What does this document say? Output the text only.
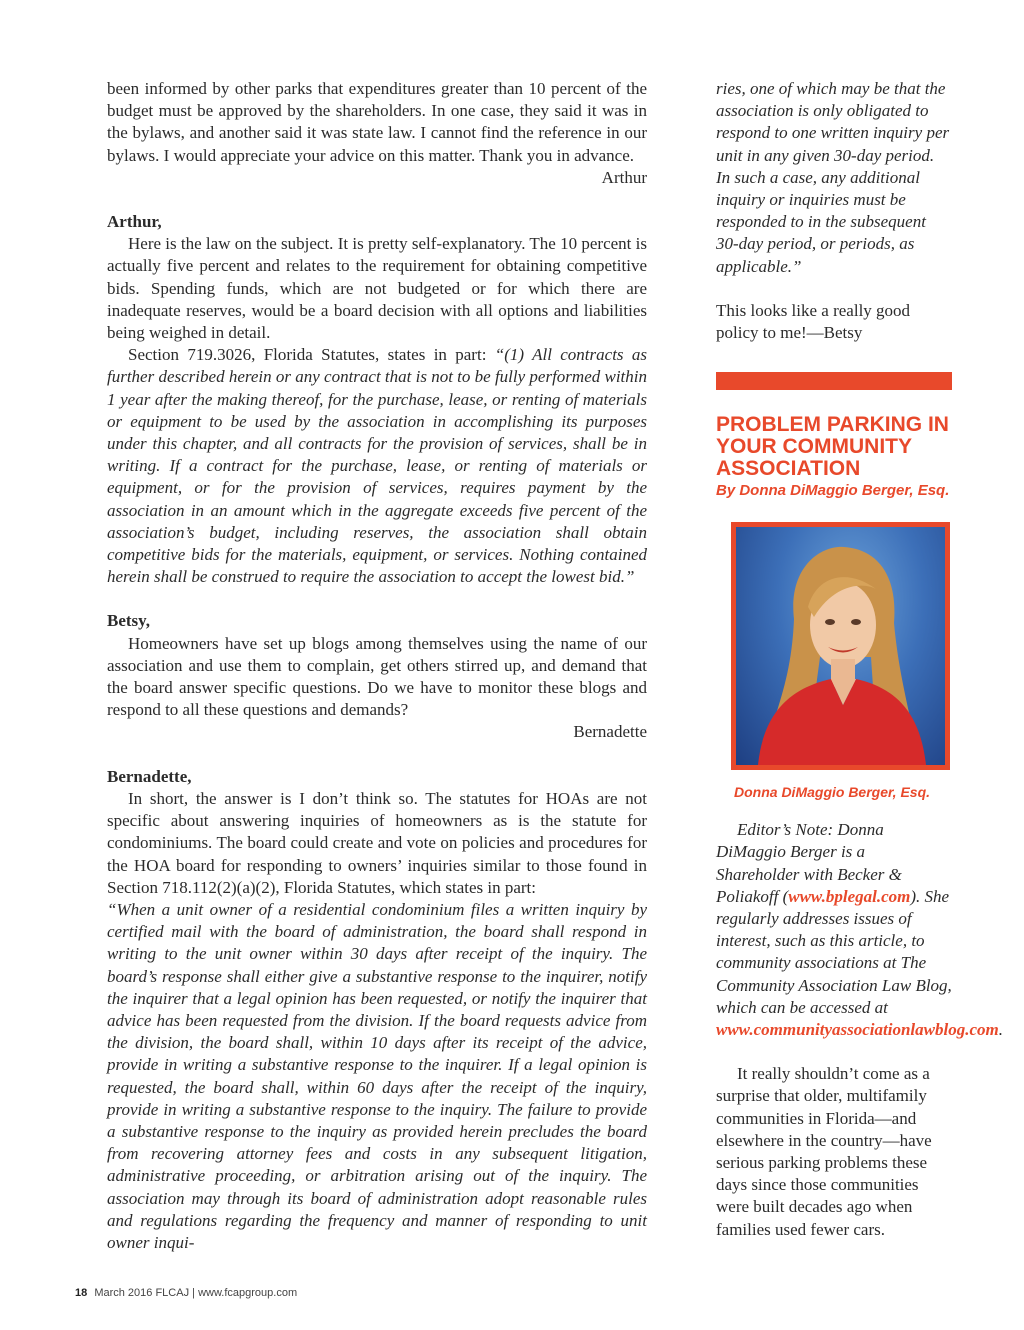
been informed by other parks that expenditures greater than 10 percent of the budget must be approved by the shareholders. In one case, they said it was in the bylaws, and another said it was state law. I cannot find the reference in our bylaws. I would appreciate your advice on this matter. Thank you in advance.

Arthur

Arthur,

Here is the law on the subject. It is pretty self-explanatory. The 10 percent is actually five percent and relates to the requirement for obtaining competitive bids. Spending funds, which are not budgeted or for which there are inadequate reserves, would be a board decision with all options and liabilities being weighed in detail.

Section 719.3026, Florida Statutes, states in part: “(1) All contracts as further described herein or any contract that is not to be fully performed within 1 year after the making thereof, for the purchase, lease, or renting of materials or equipment to be used by the association in accomplishing its purposes under this chapter, and all contracts for the provision of services, shall be in writing. If a contract for the purchase, lease, or renting of materials or equipment, or for the provision of services, requires payment by the association in an amount which in the aggregate exceeds five percent of the association’s budget, including reserves, the association shall obtain competitive bids for the materials, equipment, or services. Nothing contained herein shall be construed to require the association to accept the lowest bid.”

Betsy,

Homeowners have set up blogs among themselves using the name of our association and use them to complain, get others stirred up, and demand that the board answer specific questions. Do we have to monitor these blogs and respond to all these questions and demands?

Bernadette

Bernadette,

In short, the answer is I don’t think so. The statutes for HOAs are not specific about answering inquiries of homeowners as is the statute for condominiums. The board could create and vote on policies and procedures for the HOA board for responding to owners’ inquiries similar to those found in Section 718.112(2)(a)(2), Florida Statutes, which states in part:

“When a unit owner of a residential condominium files a written inquiry by certified mail with the board of administration, the board shall respond in writing to the unit owner within 30 days after receipt of the inquiry. The board’s response shall either give a substantive response to the inquirer, notify the inquirer that a legal opinion has been requested, or notify the inquirer that advice has been requested from the division. If the board requests advice from the division, the board shall, within 10 days after its receipt of the advice, provide in writing a substantive response to the inquirer. If a legal opinion is requested, the board shall, within 60 days after the receipt of the inquiry, provide in writing a substantive response to the inquiry. The failure to provide a substantive response to the inquiry as provided herein precludes the board from recovering attorney fees and costs in any subsequent litigation, administrative proceeding, or arbitration arising out of the inquiry. The association may through its board of administration adopt reasonable rules and regulations regarding the frequency and manner of responding to unit owner inqui-

ries, one of which may be that the association is only obligated to respond to one written inquiry per unit in any given 30-day period. In such a case, any additional inquiry or inquiries must be responded to in the subsequent 30-day period, or periods, as applicable.”

This looks like a really good policy to me!—Betsy

PROBLEM PARKING IN YOUR COMMUNITY ASSOCIATION
By Donna DiMaggio Berger, Esq.
Donna DiMaggio Berger, Esq.

Editor’s Note: Donna DiMaggio Berger is a Shareholder with Becker & Poliakoff (www.bplegal.com). She regularly addresses issues of interest, such as this article, to community associations at The Community Association Law Blog, which can be accessed at www.communityassociationlawblog.com.

It really shouldn’t come as a surprise that older, multifamily communities in Florida—and elsewhere in the country—have serious parking problems these days since those communities were built decades ago when families used fewer cars.

18 March 2016 FLCAJ | www.fcapgroup.com
